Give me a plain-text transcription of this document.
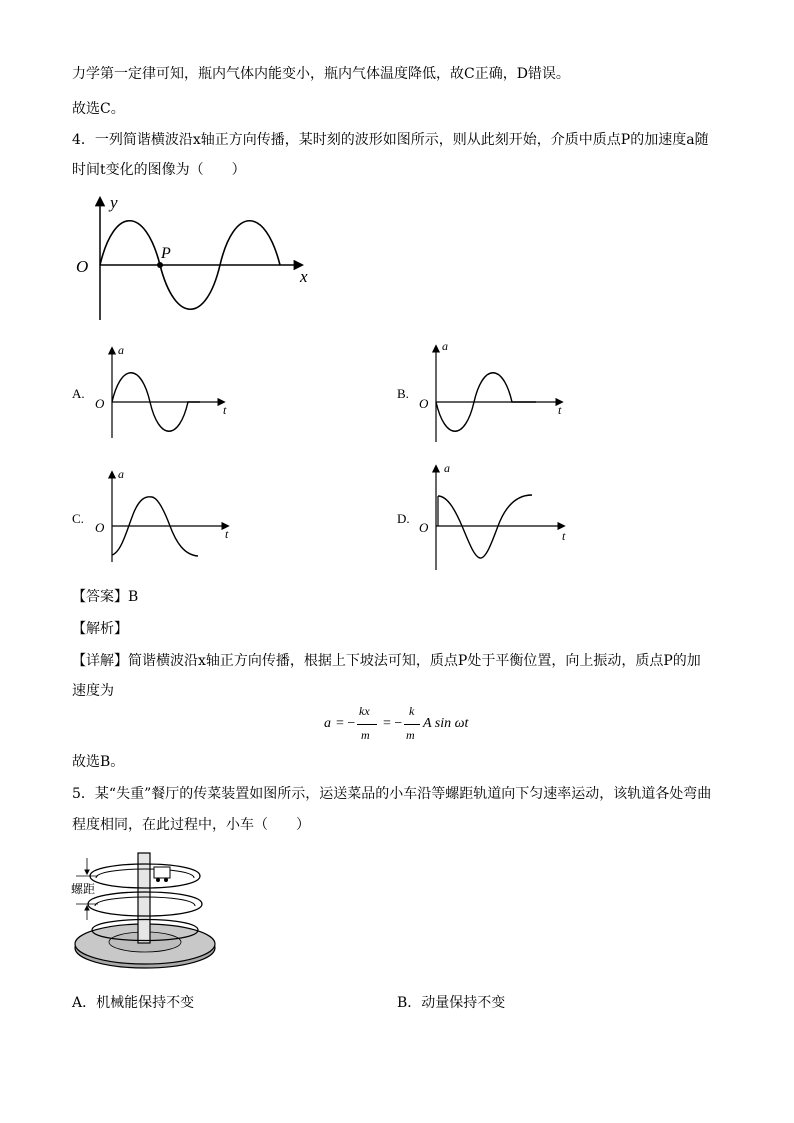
力学第一定律可知，瓶内气体内能变小，瓶内气体温度降低，故C正确，D错误。
故选C。
4．一列简谐横波沿x轴正方向传播，某时刻的波形如图所示，则从此刻开始，介质中质点P的加速度a随
时间t变化的图像为（　　）
y
x
O
P
A.
a
t
O
B.
a
t
O
C.
a
t
O
D.
a
t
O
【答案】B
【解析】
【详解】简谐横波沿x轴正方向传播，根据上下坡法可知，质点P处于平衡位置，向上振动，质点P的加
速度为
a = −
kx
m
= −
k
m
A sin ωt
故选B。
5．某“失重”餐厅的传菜装置如图所示，运送菜品的小车沿等螺距轨道向下匀速率运动，该轨道各处弯曲
程度相同，在此过程中，小车（　　）
螺距
A．机械能保持不变	B．动量保持不变
